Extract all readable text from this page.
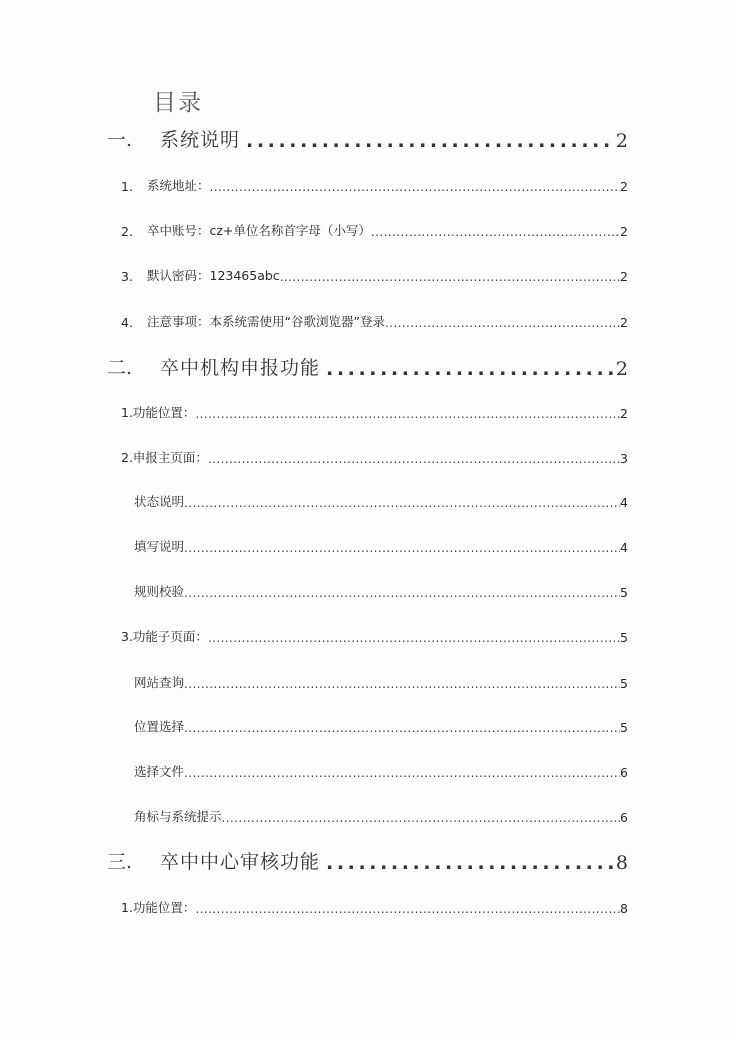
目录
一.	系统说明 .....	2
1.	系统地址： .....	2
2.	卒中账号：cz+单位名称首字母（小写） .....	2
3.	默认密码：123465abc .....	2
4.	注意事项：本系统需使用“谷歌浏览器”登录 .....	2
二.	卒中机构申报功能 .....	2
1.功能位置： .....	2
2.申报主页面： .....	3
状态说明 .....	4
填写说明 .....	4
规则校验 .....	5
3.功能子页面： .....	5
网站查询 .....	5
位置选择 .....	5
选择文件 .....	6
角标与系统提示 .....	6
三.	卒中中心审核功能 .....	8
1.功能位置： .....	8
